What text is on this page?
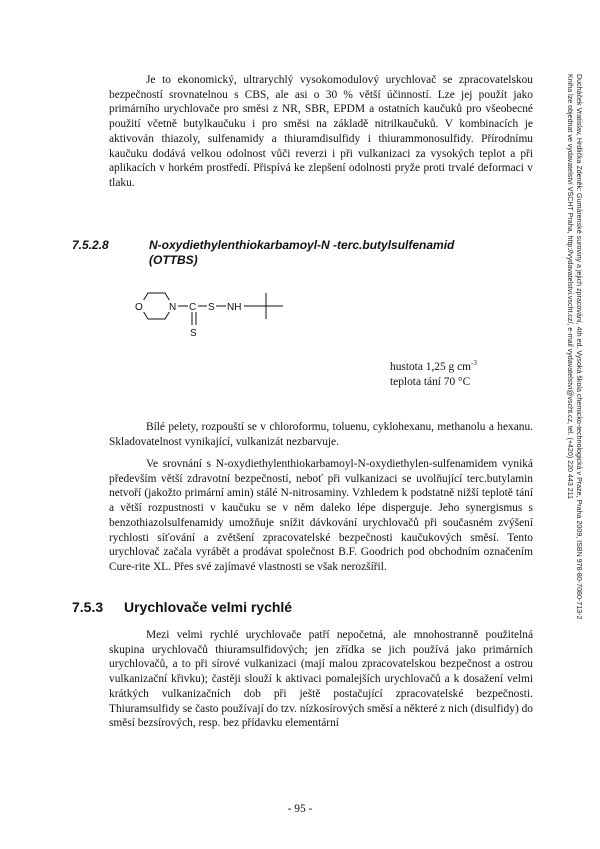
Je to ekonomický, ultrarychlý vysokomodulový urychlovač se zpracovatelskou bezpečností srovnatelnou s CBS, ale asi o 30 % větší účinností. Lze jej použít jako primárního urychlovače pro směsi z NR, SBR, EPDM a ostatních kaučuků pro všeobecné použití včetně butylkaučuku i pro směsi na základě nitrilkaučuků. V kombinacích je aktivován thiazoly, sulfenamidy a thiuramdisulfidy i thiurammonosulfidy. Přírodnímu kaučuku dodává velkou odolnost vůči reverzi i při vulkanizaci za vysokých teplot a při aplikacích v horkém prostředí. Přispívá ke zlepšení odolnosti pryže proti trvalé deformaci v tlaku.

7.5.2.8	N-oxydiethylenthiokarbamoyl-N -terc.butylsulfenamid
(OTTBS)
O	N C
S
S NH
hustota 1,25 g $cm^{-3}$
teplota tání 70 °C

Bílé pelety, rozpouští se v chloroformu, toluenu, cyklohexanu, methanolu a hexanu. Skladovatelnost vynikající, vulkanizát nezbarvuje.

Ve srovnání s N-oxydiethylenthiokarbamoyl-N-oxydiethylen-sulfenamidem vyniká především větší zdravotní bezpečností, neboť při vulkanizaci se uvolňující terc.butylamin netvoří (jakožto primární amin) stálé N-nitrosaminy. Vzhledem k podstatně nižší teplotě tání a větší rozpustnosti v kaučuku se v něm daleko lépe disperguje. Jeho synergismus s benzothiazolsulfenamidy umožňuje snížit dávkování urychlovačů při současném zvýšení rychlosti síťování a zvětšení zpracovatelské bezpečnosti kaučukových směsí. Tento urychlovač začala vyrábět a prodávat společnost B.F. Goodrich pod obchodním označením Cure-rite XL. Přes své zajímavé vlastnosti se však nerozšířil.

7.5.3 Urychlovače velmi rychlé

Mezi velmi rychlé urychlovače patří nepočetná, ale mnohostranně použitelná skupina urychlovačů thiuramsulfidových; jen zřídka se jich používá jako primárních urychlovačů, a to při sírové vulkanizaci (mají malou zpracovatelskou bezpečnost a ostrou vulkanizační křivku); častěji slouží k aktivaci pomalejších urychlovačů a k dosažení velmi krátkých vulkanizačních dob při ještě postačující zpracovatelské bezpečnosti. Thiuramsulfidy se často používají do tzv. nízkosírových směsí a některé z nich (disulfidy) do směsí bezsírových, resp. bez přídavku elementární

Ducháček Vratislav, Hrdlička Zdeněk: Gumárenské suroviny a jejich zpracování, 4th ed. Vysoká škola chemicko-technologická v Praze, Praha 2009, ISBN 978-80-7080-713-2
Kniha lze objednat ve vydavatelství VŠCHT Praha, http://vydavatelstvi.vscht.cz/, e-mail vydavatelstvi@vscht.cz, tel. (+420) 220 443 211
- 95 -
